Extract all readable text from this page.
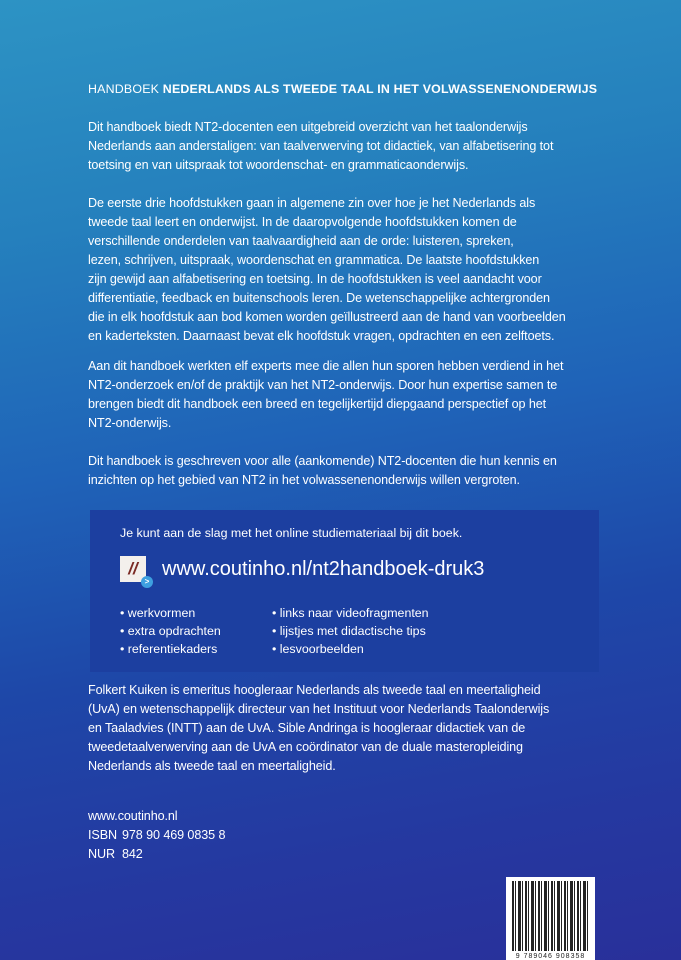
HANDBOEK NEDERLANDS ALS TWEEDE TAAL IN HET VOLWASSENENONDERWIJS
Dit handboek biedt NT2-docenten een uitgebreid overzicht van het taalonderwijs
Nederlands aan anderstaligen: van taalverwerving tot didactiek, van alfabetisering tot
toetsing en van uitspraak tot woordenschat- en grammaticaonderwijs.
De eerste drie hoofdstukken gaan in algemene zin over hoe je het Nederlands als
tweede taal leert en onderwijst. In de daaropvolgende hoofdstukken komen de
verschillende onderdelen van taalvaardigheid aan de orde: luisteren, spreken,
lezen, schrijven, uitspraak, woordenschat en grammatica. De laatste hoofdstukken
zijn gewijd aan alfabetisering en toetsing. In de hoofdstukken is veel aandacht voor
differentiatie, feedback en buitenschools leren. De wetenschappelijke achtergronden
die in elk hoofdstuk aan bod komen worden geïllustreerd aan de hand van voorbeelden
en kaderteksten. Daarnaast bevat elk hoofdstuk vragen, opdrachten en een zelftoets.
Aan dit handboek werkten elf experts mee die allen hun sporen hebben verdiend in het
NT2-onderzoek en/of de praktijk van het NT2-onderwijs. Door hun expertise samen te
brengen biedt dit handboek een breed en tegelijkertijd diepgaand perspectief op het
NT2-onderwijs.
Dit handboek is geschreven voor alle (aankomende) NT2-docenten die hun kennis en
inzichten op het gebied van NT2 in het volwassenenonderwijs willen vergroten.
Je kunt aan de slag met het online studiemateriaal bij dit boek.
//
>
www.coutinho.nl/nt2handboek-druk3
• werkvormen
• extra opdrachten
• referentiekaders
• links naar videofragmenten
• lijstjes met didactische tips
• lesvoorbeelden
Folkert Kuiken is emeritus hoogleraar Nederlands als tweede taal en meertaligheid
(UvA) en wetenschappelijk directeur van het Instituut voor Nederlands Taalonderwijs
en Taaladvies (INTT) aan de UvA. Sible Andringa is hoogleraar didactiek van de
tweedetaalverwerving aan de UvA en coördinator van de duale masteropleiding
Nederlands als tweede taal en meertaligheid.
www.coutinho.nl
ISBN 978 90 469 0835 8
NUR 842
9 789046 908358
